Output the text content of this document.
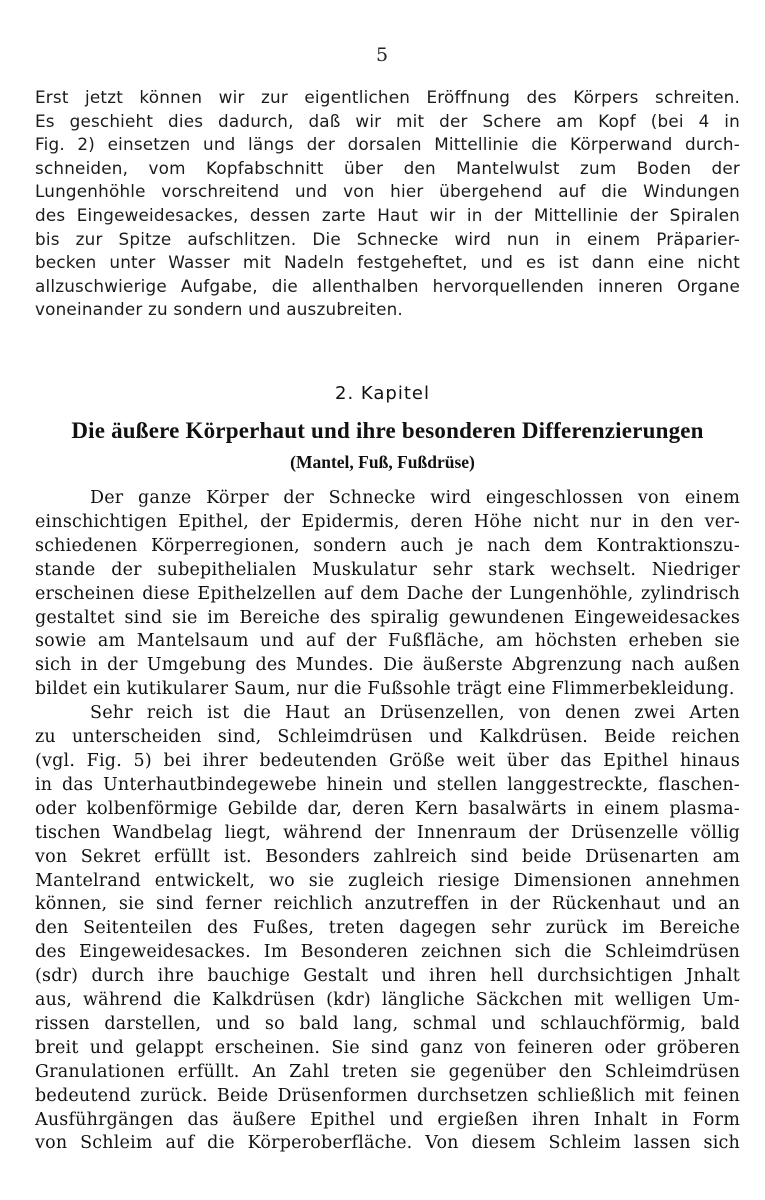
5
Erst jetzt können wir zur eigentlichen Eröffnung des Körpers schreiten.
Es geschieht dies dadurch, daß wir mit der Schere am Kopf (bei 4 in
Fig. 2) einsetzen und längs der dorsalen Mittellinie die Körperwand durch-
schneiden, vom Kopfabschnitt über den Mantelwulst zum Boden der
Lungenhöhle vorschreitend und von hier übergehend auf die Windungen
des Eingeweidesackes, dessen zarte Haut wir in der Mittellinie der Spiralen
bis zur Spitze aufschlitzen. Die Schnecke wird nun in einem Präparier-
becken unter Wasser mit Nadeln festgeheftet, und es ist dann eine nicht
allzuschwierige Aufgabe, die allenthalben hervorquellenden inneren Organe
voneinander zu sondern und auszubreiten.
2. Kapitel
Die äußere Körperhaut und ihre besonderen Differenzierungen
(Mantel, Fuß, Fußdrüse)
Der ganze Körper der Schnecke wird eingeschlossen von einem
einschichtigen Epithel, der Epidermis, deren Höhe nicht nur in den ver-
schiedenen Körperregionen, sondern auch je nach dem Kontraktionszu-
stande der subepithelialen Muskulatur sehr stark wechselt. Niedriger
erscheinen diese Epithelzellen auf dem Dache der Lungenhöhle, zylindrisch
gestaltet sind sie im Bereiche des spiralig gewundenen Eingeweidesackes
sowie am Mantelsaum und auf der Fußfläche, am höchsten erheben sie
sich in der Umgebung des Mundes. Die äußerste Abgrenzung nach außen
bildet ein kutikularer Saum, nur die Fußsohle trägt eine Flimmerbekleidung.
Sehr reich ist die Haut an Drüsenzellen, von denen zwei Arten
zu unterscheiden sind, Schleimdrüsen und Kalkdrüsen. Beide reichen
(vgl. Fig. 5) bei ihrer bedeutenden Größe weit über das Epithel hinaus
in das Unterhautbindegewebe hinein und stellen langgestreckte, flaschen-
oder kolbenförmige Gebilde dar, deren Kern basalwärts in einem plasma-
tischen Wandbelag liegt, während der Innenraum der Drüsenzelle völlig
von Sekret erfüllt ist. Besonders zahlreich sind beide Drüsenarten am
Mantelrand entwickelt, wo sie zugleich riesige Dimensionen annehmen
können, sie sind ferner reichlich anzutreffen in der Rückenhaut und an
den Seitenteilen des Fußes, treten dagegen sehr zurück im Bereiche
des Eingeweidesackes. Im Besonderen zeichnen sich die Schleimdrüsen
(sdr) durch ihre bauchige Gestalt und ihren hell durchsichtigen Jnhalt
aus, während die Kalkdrüsen (kdr) längliche Säckchen mit welligen Um-
rissen darstellen, und so bald lang, schmal und schlauchförmig, bald
breit und gelappt erscheinen. Sie sind ganz von feineren oder gröberen
Granulationen erfüllt. An Zahl treten sie gegenüber den Schleimdrüsen
bedeutend zurück. Beide Drüsenformen durchsetzen schließlich mit feinen
Ausführgängen das äußere Epithel und ergießen ihren Inhalt in Form
von Schleim auf die Körperoberfläche. Von diesem Schleim lassen sich
